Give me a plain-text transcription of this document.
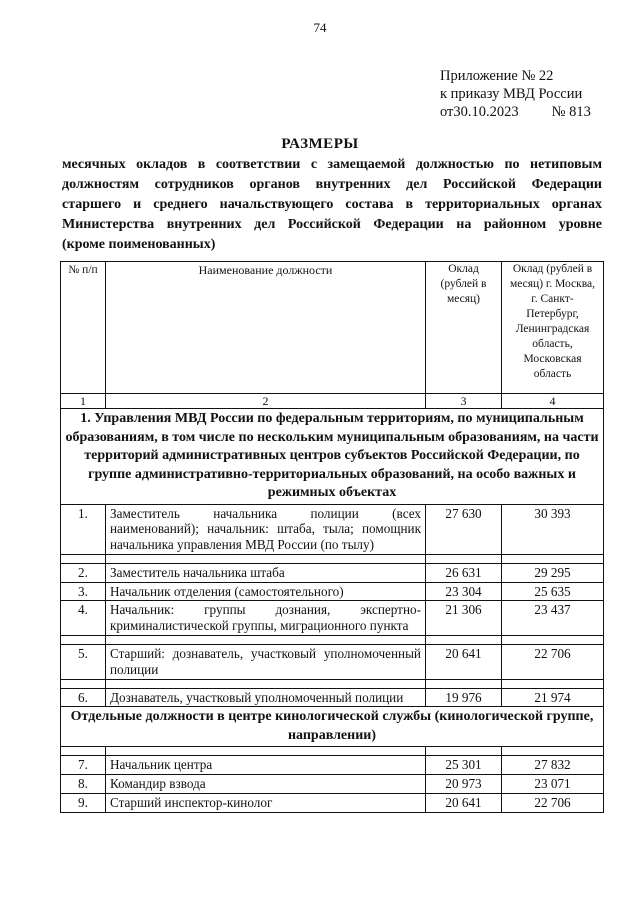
74
Приложение № 22
к приказу МВД России
от30.10.2023 № 813
РАЗМЕРЫ
месячных окладов в соответствии с замещаемой должностью по нетиповым
должностям сотрудников органов внутренних дел Российской Федерации
старшего и среднего начальствующего состава в территориальных органах
Министерства внутренних дел Российской Федерации на районном уровне
(кроме поименованных)
№ п/п	Наименование должности	Оклад (рублей в месяц)	Оклад (рублей в месяц) г. Москва, г. Санкт-Петербург, Ленинградская область, Московская область
1	2	3	4
1. Управления МВД России по федеральным территориям, по муниципальным образованиям, в том числе по нескольким муниципальным образованиям, на части территорий административных центров субъектов Российской Федерации, по группе административно-территориальных образований, на особо важных и режимных объектах			
1.	Заместитель начальника полиции (всех наименований); начальник: штаба, тыла; помощник начальника управления МВД России (по тылу)	27 630	30 393

2.	Заместитель начальника штаба	26 631	29 295
3.	Начальник отделения (самостоятельного)	23 304	25 635
4.	Начальник: группы дознания, экспертно-криминалистической группы, миграционного пункта	21 306	23 437

5.	Старший: дознаватель, участковый уполномоченный полиции	20 641	22 706

6.	Дознаватель, участковый уполномоченный полиции	19 976	21 974
Отдельные должности в центре кинологической службы (кинологической группе, направлении)			

7.	Начальник центра	25 301	27 832
8.	Командир взвода	20 973	23 071
9.	Старший инспектор-кинолог	20 641	22 706
